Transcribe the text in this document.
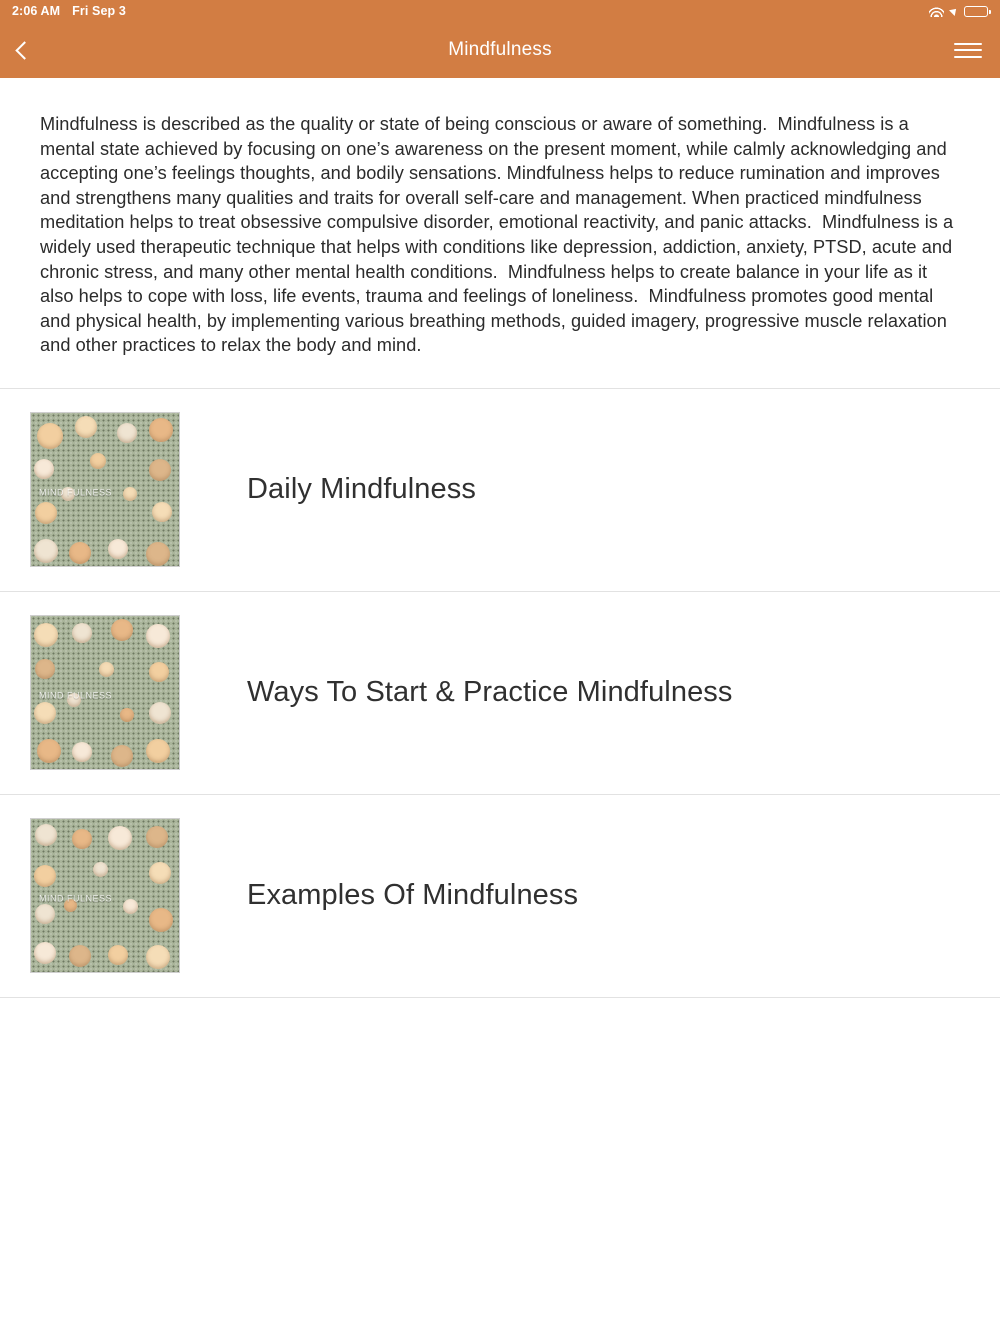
2:06 AM Fri Sep 3
Mindfulness

Mindfulness is described as the quality or state of being conscious or aware of something.  Mindfulness is a mental state achieved by focusing on one’s awareness on the present moment, while calmly acknowledging and accepting one’s feelings thoughts, and bodily sensations. Mindfulness helps to reduce rumination and improves and strengthens many qualities and traits for overall self-care and management. When practiced mindfulness meditation helps to treat obsessive compulsive disorder, emotional reactivity, and panic attacks.  Mindfulness is a widely used therapeutic technique that helps with conditions like depression, addiction, anxiety, PTSD, acute and chronic stress, and many other mental health conditions.  Mindfulness helps to create balance in your life as it also helps to cope with loss, life events, trauma and feelings of loneliness.  Mindfulness promotes good mental and physical health, by implementing various breathing methods, guided imagery, progressive muscle relaxation and other practices to relax the body and mind.

MIND FULNESS	Daily Mindfulness
MIND FULNESS	Ways To Start & Practice Mindfulness
MIND FULNESS	Examples Of Mindfulness
